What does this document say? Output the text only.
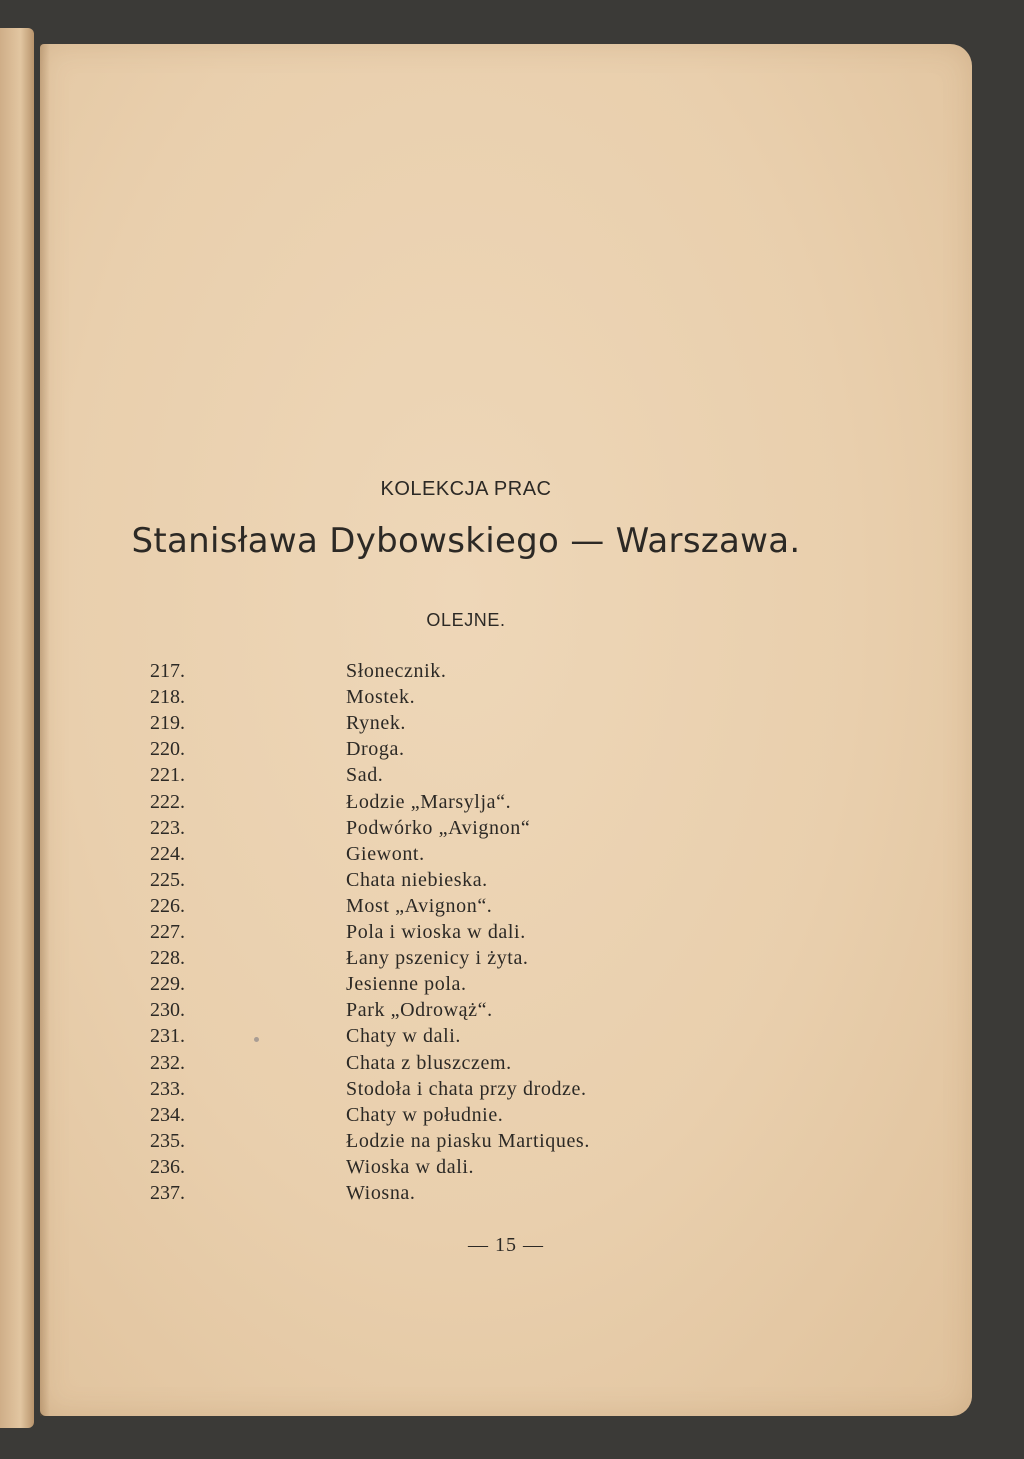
KOLEKCJA PRAC
Stanisława Dybowskiego — Warszawa.
OLEJNE.
217.	Słonecznik.
218.	Mostek.
219.	Rynek.
220.	Droga.
221.	Sad.
222.	Łodzie „Marsylja“.
223.	Podwórko „Avignon“
224.	Giewont.
225.	Chata niebieska.
226.	Most „Avignon“.
227.	Pola i wioska w dali.
228.	Łany pszenicy i żyta.
229.	Jesienne pola.
230.	Park „Odrowąż“.
231.	Chaty w dali.
232.	Chata z bluszczem.
233.	Stodoła i chata przy drodze.
234.	Chaty w południe.
235.	Łodzie na piasku Martiques.
236.	Wioska w dali.
237.	Wiosna.
— 15 —
